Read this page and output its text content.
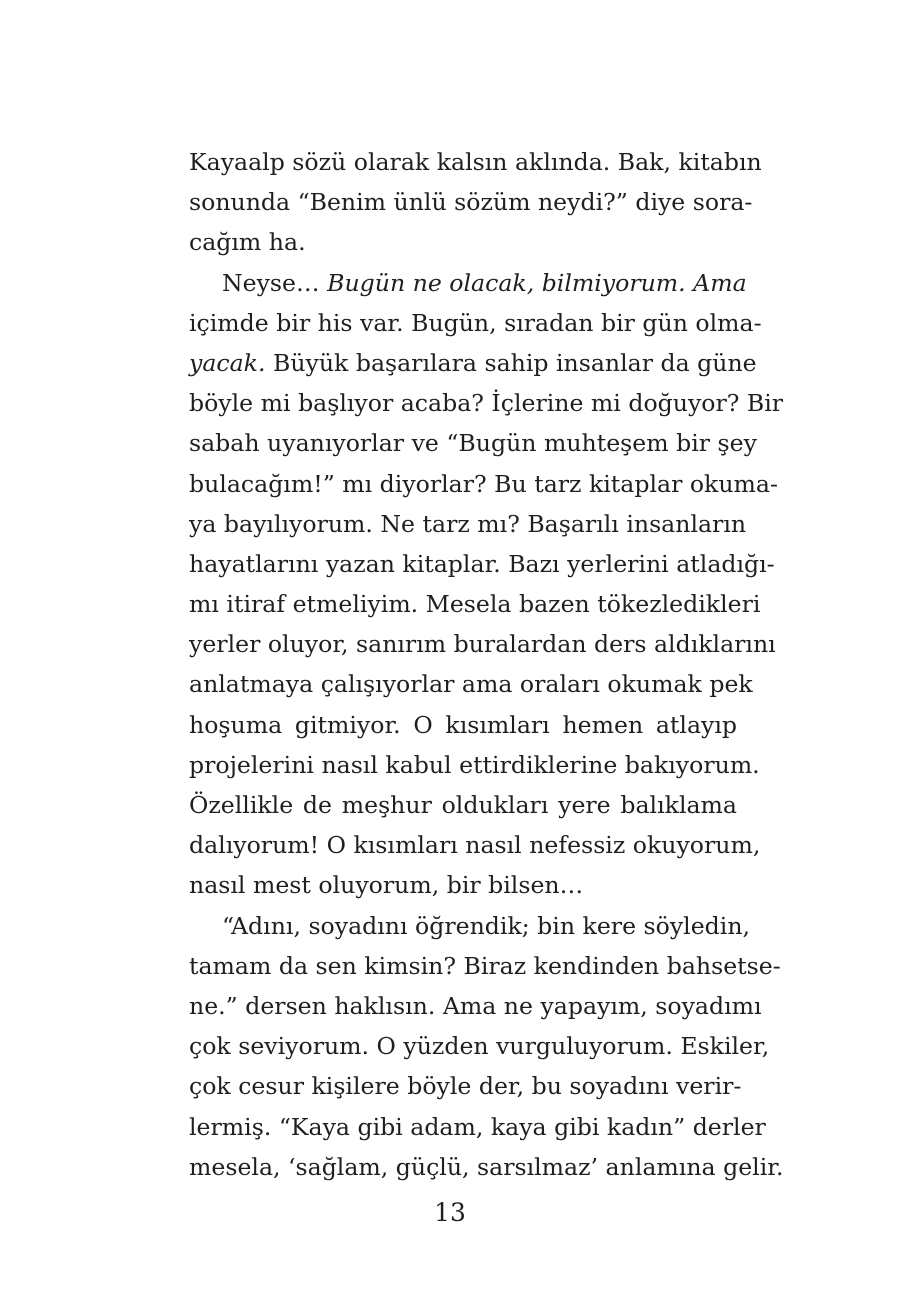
Kayaalp sözü olarak kalsın aklında. Bak, kitabın
sonunda “Benim ünlü sözüm neydi?” diye sora-
cağım ha.
Neyse… Bugün ne olacak, bilmiyorum. Ama
içimde bir his var. Bugün, sıradan bir gün olma-
yacak. Büyük başarılara sahip insanlar da güne
böyle mi başlıyor acaba? İçlerine mi doğuyor? Bir
sabah uyanıyorlar ve “Bugün muhteşem bir şey
bulacağım!” mı diyorlar? Bu tarz kitaplar okuma-
ya bayılıyorum. Ne tarz mı? Başarılı insanların
hayatlarını yazan kitaplar. Bazı yerlerini atladığı-
mı itiraf etmeliyim. Mesela bazen tökezledikleri
yerler oluyor, sanırım buralardan ders aldıklarını
anlatmaya çalışıyorlar ama oraları okumak pek
hoşuma gitmiyor. O kısımları hemen atlayıp
projelerini nasıl kabul ettirdiklerine bakıyorum.
Özellikle de meşhur oldukları yere balıklama
dalıyorum! O kısımları nasıl nefessiz okuyorum,
nasıl mest oluyorum, bir bilsen…
“Adını, soyadını öğrendik; bin kere söyledin,
tamam da sen kimsin? Biraz kendinden bahsetse-
ne.” dersen haklısın. Ama ne yapayım, soyadımı
çok seviyorum. O yüzden vurguluyorum. Eskiler,
çok cesur kişilere böyle der, bu soyadını verir-
lermiş. “Kaya gibi adam, kaya gibi kadın” derler
mesela, ‘sağlam, güçlü, sarsılmaz’ anlamına gelir.
13
